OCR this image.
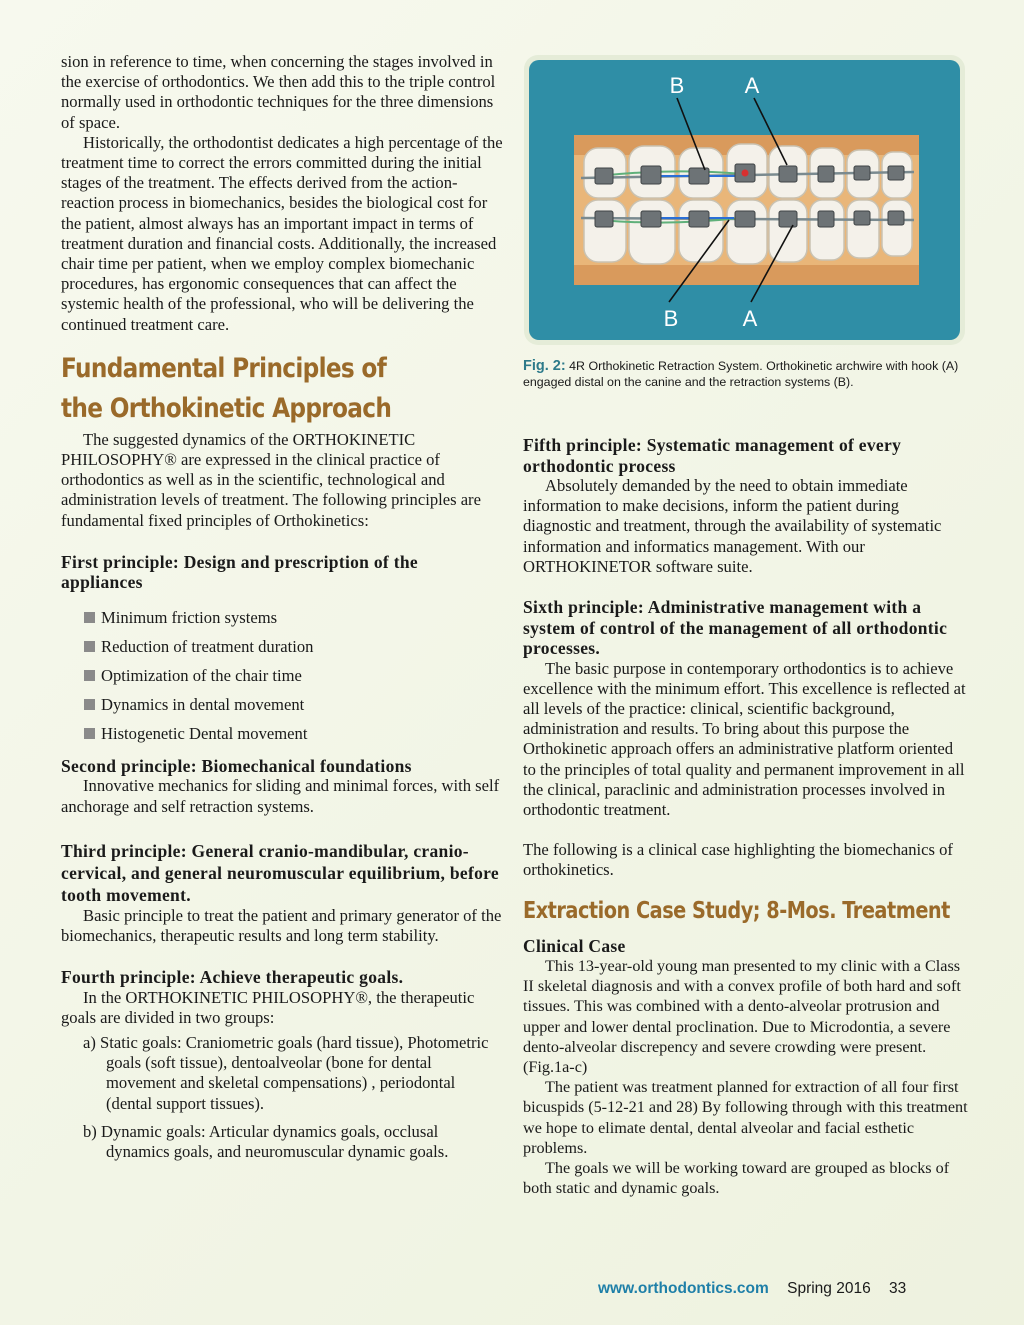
sion in reference to time, when concerning the stages involved in the exercise of orthodontics. We then add this to the triple control normally used in orthodontic techniques for the three dimensions of space.

Historically, the orthodontist dedicates a high percentage of the treatment time to correct the errors committed during the initial stages of the treatment. The effects derived from the action-reaction process in biomechanics, besides the biological cost for the patient, almost always has an important impact in terms of treatment duration and financial costs. Additionally, the increased chair time per patient, when we employ complex biomechanic procedures, has ergonomic consequences that can affect the systemic health of the professional, who will be delivering the continued treatment care.

Fundamental Principles of
the Orthokinetic Approach

The suggested dynamics of the ORTHOKINETIC PHILOSOPHY® are expressed in the clinical practice of orthodontics as well as in the scientific, technological and administration levels of treatment. The following principles are fundamental fixed principles of Orthokinetics:

First principle: Design and prescription of the appliances

Minimum friction systems
Reduction of treatment duration
Optimization of the chair time
Dynamics in dental movement
Histogenetic Dental movement

Second principle: Biomechanical foundations

Innovative mechanics for sliding and minimal forces, with self anchorage and self retraction systems.

Third principle: General cranio-mandibular, cranio-cervical, and general neuromuscular equilibrium, before tooth movement.

Basic principle to treat the patient and primary generator of the biomechanics, therapeutic results and long term stability.

Fourth principle: Achieve therapeutic goals.

In the ORTHOKINETIC PHILOSOPHY®, the therapeutic goals are divided in two groups:

a) Static goals: Craniometric goals (hard tissue), Photometric goals (soft tissue), dentoalveolar (bone for dental movement and skeletal compensations) , periodontal (dental support tissues).

b) Dynamic goals: Articular dynamics goals, occlusal dynamics goals, and neuromuscular dynamic goals.

B	A
B	A
Fig. 2: 4R Orthokinetic Retraction System. Orthokinetic archwire with hook (A) engaged distal on the canine and the retraction systems (B).

Fifth principle: Systematic management of every orthodontic process

Absolutely demanded by the need to obtain immediate information to make decisions, inform the patient during diagnostic and treatment, through the availability of systematic information and informatics management. With our ORTHOKINETOR software suite.

Sixth principle: Administrative management with a system of control of the management of all orthodontic processes.

The basic purpose in contemporary orthodontics is to achieve excellence with the minimum effort. This excellence is reflected at all levels of the practice: clinical, scientific background, administration and results. To bring about this purpose the Orthokinetic approach offers an administrative platform oriented to the principles of total quality and permanent improvement in all the clinical, paraclinic and administration processes involved in orthodontic treatment.

The following is a clinical case highlighting the biomechanics of orthokinetics.

Extraction Case Study; 8-Mos. Treatment

Clinical Case

This 13-year-old young man presented to my clinic with a Class II skeletal diagnosis and with a convex profile of both hard and soft tissues. This was combined with a dento-alveolar protrusion and upper and lower dental proclination. Due to Microdontia, a severe dento-alveolar discrepency and severe crowding were present.(Fig.1a-c)

The patient was treatment planned for extraction of all four first bicuspids (5-12-21 and 28) By following through with this treatment we hope to elimate dental, dental alveolar and facial esthetic problems.

The goals we will be working toward are grouped as blocks of both static and dynamic goals.

www.orthodontics.com Spring 2016 33
